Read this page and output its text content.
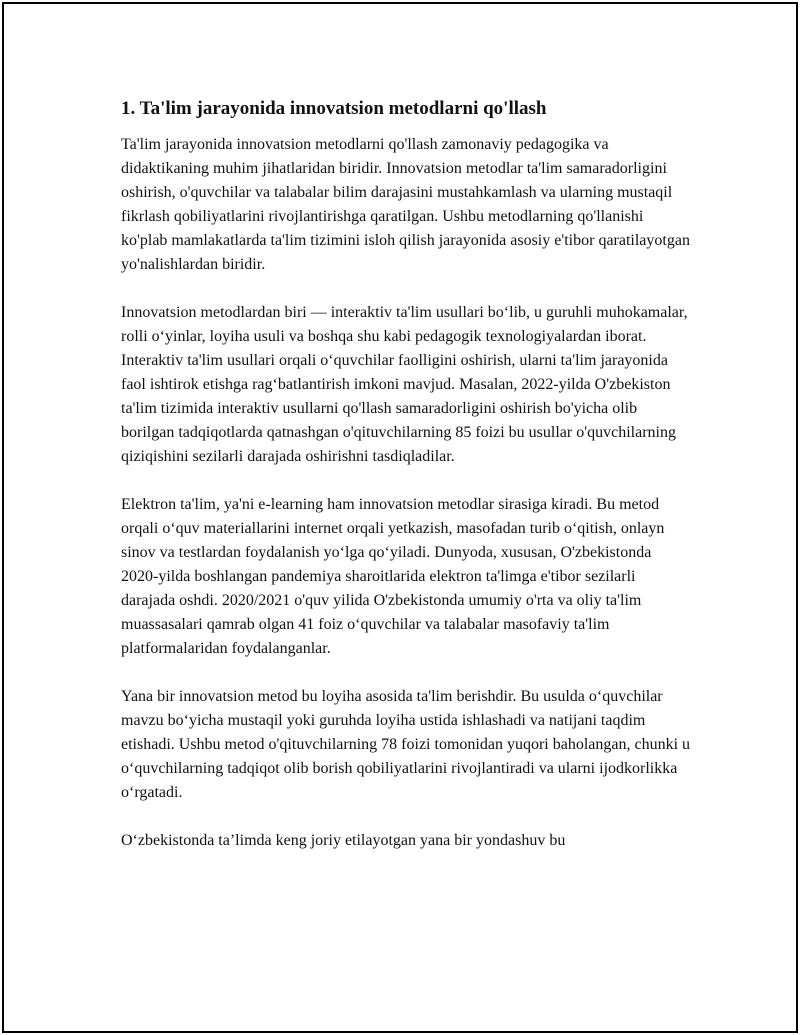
1. Ta'lim jarayonida innovatsion metodlarni qo'llash

Ta'lim jarayonida innovatsion metodlarni qo'llash zamonaviy pedagogika va didaktikaning muhim jihatlaridan biridir. Innovatsion metodlar ta'lim samaradorligini oshirish, o'quvchilar va talabalar bilim darajasini mustahkamlash va ularning mustaqil fikrlash qobiliyatlarini rivojlantirishga qaratilgan. Ushbu metodlarning qo'llanishi ko'plab mamlakatlarda ta'lim tizimini isloh qilish jarayonida asosiy e'tibor qaratilayotgan yo'nalishlardan biridir.

Innovatsion metodlardan biri — interaktiv ta'lim usullari bo‘lib, u guruhli muhokamalar, rolli o‘yinlar, loyiha usuli va boshqa shu kabi pedagogik texnologiyalardan iborat. Interaktiv ta'lim usullari orqali o‘quvchilar faolligini oshirish, ularni ta'lim jarayonida faol ishtirok etishga rag‘batlantirish imkoni mavjud. Masalan, 2022-yilda O'zbekiston ta'lim tizimida interaktiv usullarni qo'llash samaradorligini oshirish bo'yicha olib borilgan tadqiqotlarda qatnashgan o'qituvchilarning 85 foizi bu usullar o'quvchilarning qiziqishini sezilarli darajada oshirishni tasdiqladilar.

Elektron ta'lim, ya'ni e-learning ham innovatsion metodlar sirasiga kiradi. Bu metod orqali o‘quv materiallarini internet orqali yetkazish, masofadan turib o‘qitish, onlayn sinov va testlardan foydalanish yo‘lga qo‘yiladi. Dunyoda, xususan, O'zbekistonda 2020-yilda boshlangan pandemiya sharoitlarida elektron ta'limga e'tibor sezilarli darajada oshdi. 2020/2021 o'quv yilida O'zbekistonda umumiy o'rta va oliy ta'lim muassasalari qamrab olgan 41 foiz o‘quvchilar va talabalar masofaviy ta'lim platformalaridan foydalanganlar.

Yana bir innovatsion metod bu loyiha asosida ta'lim berishdir. Bu usulda o‘quvchilar mavzu bo‘yicha mustaqil yoki guruhda loyiha ustida ishlashadi va natijani taqdim etishadi. Ushbu metod o'qituvchilarning 78 foizi tomonidan yuqori baholangan, chunki u o‘quvchilarning tadqiqot olib borish qobiliyatlarini rivojlantiradi va ularni ijodkorlikka o‘rgatadi.

O‘zbekistonda ta’limda keng joriy etilayotgan yana bir yondashuv bu
